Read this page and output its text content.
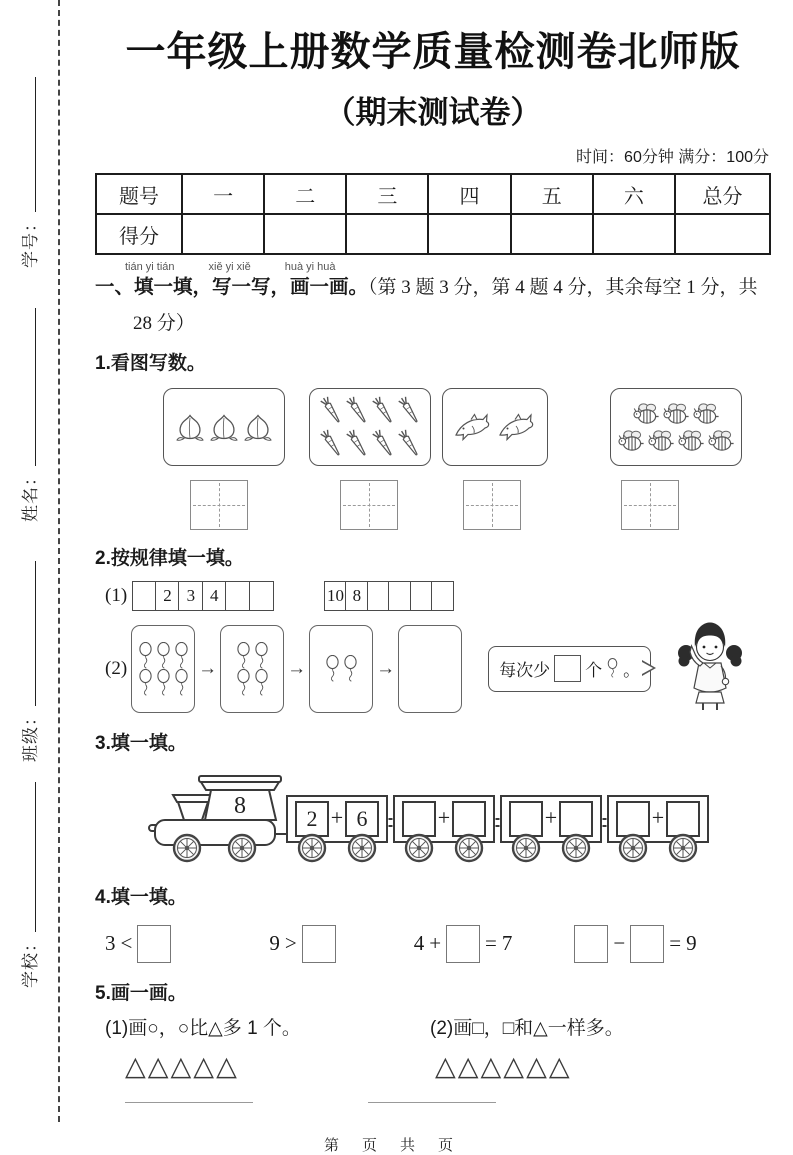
学号：
姓名：
班级：
学校：
一年级上册数学质量检测卷北师版
（期末测试卷）
时间：60分钟 满分：100分
题号	一	二	三	四	五	六	总分
得分							
tián yi tián	xiě yi xiě	huà yi huà
一、填一填，写一写，画一画。（第 3 题 3 分，第 4 题 4 分，其余每空 1 分，共
28 分）
1.看图写数。
2.按规律填一填。
(1)	2 3 4	10 8
(2)	→	→	→	每次少 个 。
3.填一填。
8	2 + 6	+	+	+
4.填一填。
3 <	9 >	4 + = 7	− = 9
5.画一画。
(1)画○，○比△多 1 个。	(2)画□，□和△一样多。
△△△△△	△△△△△△
第　页　共　页
